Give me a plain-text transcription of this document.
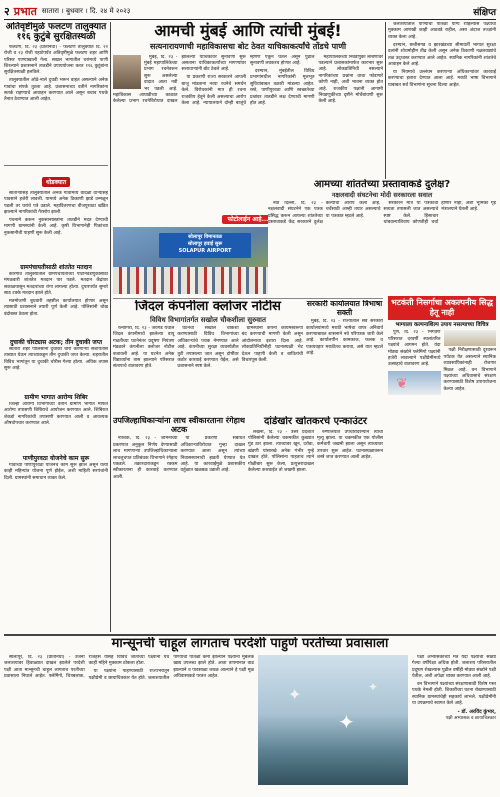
२ प्रभात सातारा । बुधवार । दि. २४ मे २०२३	संक्षिप्त
अतिवृष्टीमुळे फलटण तालुक्यात ११६ कुटुंबे सुरक्षितस्थळी

फलटण, दि. २३ (प्रतिनिधी) - फलटण तालुक्यात दि. २२ रोजी व २३ रोजी पहाटेपर्यंत अतिवृष्टीमुळे फलटण शहर आणि परिसर पाण्याखाली गेला. सखल भागातील घरांमध्ये पाणी शिरल्याने प्रशासनाने तातडीने उपाययोजना करत ११६ कुटुंबांना सुरक्षितस्थळी हलविले.

तालुक्यातील ओढे-नाले दुथडी भरून वाहत असल्याने अनेक गावांचा संपर्क तुटला आहे. प्रशासनाच्या वतीने नागरिकांना सतर्क राहण्याचे आवाहन करण्यात आले असून बचाव पथके तैनात ठेवण्यात आली आहेत.

थोडक्यात

साताऱ्यासह तालुक्यातील अनेक गावांमध्ये वादळी वाऱ्यासह पावसाने हजेरी लावली. यामध्ये अनेक ठिकाणी झाडे उन्मळून पडली तर घरांचे पत्रे उडाले. महावितरणचा वीजपुरवठा खंडित झाल्याने नागरिकांची गैरसोय झाली.

पंचनामे करून नुकसानग्रस्तांना तातडीने मदत देण्याची मागणी ग्रामस्थांनी केली आहे. कृषी विभागानेही पिकांच्या नुकसानीची पाहणी सुरू केली आहे.

ग्रामपंचायतीसाठी शांततेत मतदान

कोरेगाव तालुक्यातील ग्रामपंचायतींच्या पोटनिवडणुकीसाठी मंगळवारी शांततेत मतदान पार पडले. मतदान केंद्रांवर सकाळपासून मतदारांच्या रांगा लागल्या होत्या. दुपारपर्यंत सुमारे साठ टक्के मतदान झाले होते.

मतमोजणी बुधवारी तहसील कार्यालयात होणार असून त्यासाठी प्रशासनाने तयारी पूर्ण केली आहे. पोलिसांनी चोख बंदोबस्त ठेवला होता.

दुचाकी चोरट्यास अटक; तीन दुचाकी जप्त

सातारा शहर पोलिसांनी दुचाकी चोरी करणाऱ्या संशयितास ताब्यात घेऊन त्याच्याकडून तीन दुचाकी जप्त केल्या. शहरातील विविध भागांतून या दुचाकी चोरीस गेल्या होत्या. अधिक तपास सुरू आहे.

ग्रामीण भागात आरोग्य शिबिर

जिल्हा आरोग्य विभागाच्या वतीने ग्रामीण भागात मोफत आरोग्य तपासणी शिबिराचे आयोजन करण्यात आले. शिबिरात शेकडो नागरिकांची तपासणी करण्यात आली व आवश्यक औषधोपचार करण्यात आले.

पाणीपुरवठा योजनेचे काम सुरू

गावाच्या पाणीपुरवठा योजनेचे काम सुरू झाले असून येत्या काही महिन्यांत योजना पूर्ण होईल, अशी माहिती सरपंचांनी दिली. ग्रामस्थांनी समाधान व्यक्त केले.

आमची मुंबई आणि त्यांची मुंबई!
सत्यनारायणाची महाविकासचा बोट ठेवत याचिकाकर्त्यांचे तोंडचे पाणी

मुंबई, दि. २३ - मुंबई महापालिकेच्या प्रभाग रचनेवरून सुरू असलेल्या वादात आता नवी भर पडली आहे. महाविकास आघाडीच्या काळात केलेल्या प्रभाग रचनेविरोधात दाखल झालेल्या याचिकांवर सुनावणी सुरू असताना याचिकाकर्त्यांच्या मागण्यांवर सत्ताधाऱ्यांनी बोट ठेवले आहे.

या प्रकरणी राज्य सरकारने आपली बाजू मांडताना नव्या रचनेचे समर्थन केले. विरोधकांनी मात्र ही रचना राजकीय हेतूने केली असल्याचा आरोप केला आहे. न्यायालयाने दोन्ही बाजूंचे म्हणणे ऐकून घेतले असून पुढील सुनावणी लवकरच होणार आहे.

दरम्यान, मुंबईतील विविध प्रभागांमधील नागरिकांनी मूलभूत सुविधांबाबत तक्रारी मांडल्या आहेत. रस्ते, पाणीपुरवठा आणि स्वच्छतेच्या प्रश्नांवर तातडीने लक्ष देण्याची मागणी होत आहे.

महापालिकेच्या निवडणुका लांबणीवर पडल्याने प्रशासकांमार्फत कारभार सुरू आहे. लोकप्रतिनिधी नसल्याने नागरिकांच्या प्रश्नांना वाचा फोडणारे कोणी नाही, अशी भावना व्यक्त होत आहे. राजकीय पक्षांनी आगामी निवडणुकीच्या दृष्टीने मोर्चेबांधणी सुरू केली आहे.

फोटोलाईन आहे...
सोलापूर विमानतळ
सोलापूर हवाई सुरू
SOLAPUR AIRPORT

जलाशयातील पाण्याची पातळी योग्य राहिल्यास पक्ष्यांचा मुक्काम आणखी काही आठवडे राहील, असा अंदाज तज्ज्ञांनी व्यक्त केला आहे.

दरम्यान, छत्तीसगड व झारखंडच्या सीमावर्ती भागात सुरक्षा दलांनी शोधमोहीम तीव्र केली असून अनेक ठिकाणी नक्षलवाद्यांचे तळ उद्ध्वस्त करण्यात आले आहेत. स्थानिक नागरिकांनी शांततेचे आवाहन केले आहे.

या नियमाचे उल्लंघन करणाऱ्या अधिकाऱ्यांवर कारवाई करण्याचा इशारा देण्यात आला आहे. मराठी भाषा विभागाने याबाबत सर्व विभागांना सूचना दिल्या आहेत.

आमच्या शांततेच्या प्रस्तावाकडे दुर्लक्ष?
नक्षलवादी संघटनेचा मोदी सरकारला सवाल

नवी दिल्ली, दि. २३ - नक्षलवादी संघटनेने एक पत्रक प्रसिद्ध करून आपल्या शांततेच्या प्रस्तावाकडे केंद्र सरकारने दुर्लक्ष केल्याचा आरोप केला आहे. चर्चेसाठी आम्ही तयार असल्याचे या पत्रकात म्हटले आहे.

सरकारने मात्र या पत्रकाची सत्यता तपासली जात असल्याचे स्पष्ट केले. हिंसाचार थांबवल्याशिवाय कोणतीही चर्चा होणार नाही, अशी भूमिका गृह मंत्रालयाने घेतली आहे.

जिंदल कंपनीला क्लोजर नोटीस
विविध विभागांतर्गत सखोल चौकशीला सुरुवात

रत्नागिरी, दि. २३ - जयगड येथील जिंदल कंपनीमध्ये झालेल्या वायू गळतीच्या घटनेनंतर प्रदूषण नियंत्रण मंडळाने कंपनीला क्लोजर नोटीस बजावली आहे. या घटनेत अनेक विद्यार्थ्यांना त्रास झाल्याने परिसरात संतापाचे वातावरण होते.

घटनेची सखोल चौकशी करण्यासाठी विविध विभागांच्या अधिकाऱ्यांचे पथक नेमण्यात आले आहे. कंपनीच्या सुरक्षा व्यवस्थेतील त्रुटी तपासल्या जात असून दोषींवर कठोर कारवाई करण्यात येईल, असे प्रशासनाने स्पष्ट केले.

ग्रामस्थांनी कंपनी कायमस्वरूपी बंद करण्याची मागणी केली असून आंदोलनाचा इशारा दिला आहे. लोकप्रतिनिधींनीही घटनास्थळी भेट देऊन पाहणी केली व बाधितांची विचारपूस केली.

सरकारी कार्यालयात त्रिभाषा सक्ती

मुंबई, दि. २३ - राज्यातील सर्व सरकारी कार्यालयांमध्ये मराठी भाषेचा वापर अनिवार्य करण्याबाबत शासनाने नवे परिपत्रक जारी केले आहे. कार्यालयीन कामकाज, फलक व पत्रव्यवहार मराठीतच करावा, असे यात म्हटले आहे.

उपजिल्हाधिकाऱ्यांना लाच स्वीकारताना रंगेहाथ अटक

नाशिक, दि. २३ - जमिनीच्या प्रकरणात अनुकूल निर्णय देण्यासाठी लाच मागणाऱ्या उपजिल्हाधिकाऱ्याला लाचलुचपत प्रतिबंधक विभागाने रंगेहाथ पकडले. तक्रारदाराकडून रक्कम स्वीकारताना ही कारवाई करण्यात आली.

या प्रकरणी संबंधित अधिकाऱ्याविरोधात गुन्हा दाखल करण्यात आला असून त्यांच्या निवासस्थानाची झडती घेण्यात येत आहे. या कारवाईमुळे प्रशासकीय वर्तुळात खळबळ उडाली आहे.

दांडेखोर खोतकरचे एन्काउंटर

लखनौ, दि. २३ - उत्तर प्रदेशात पोलिसांनी केलेल्या चकमकीत कुख्यात गुंड ठार झाला. त्याच्यावर खून, दरोडा, खंडणी यांसारखे अनेक गंभीर गुन्हे दाखल होते. पोलिसांना पाहताच त्याने गोळीबार सुरू केला, प्रत्युत्तरादाखल केलेल्या कारवाईत तो जखमी झाला.

रुग्णालयात उपचारादरम्यान त्याचा मृत्यू झाला. या चकमकीत एक पोलीस कर्मचारी जखमी झाला असून त्याच्यावर उपचार सुरू आहेत. घटनास्थळावरून शस्त्रे जप्त करण्यात आली आहेत.

भटकंती निसर्गाचा अकल्पनीय सिद्ध हेतू नाही
भाग्याला कल्पनाशिल्प उपाय नसल्याच्या विचित्र

पुणे, दि. २३ - भिगवण परिसरात दरवर्षी स्थलांतरित पक्ष्यांचे आगमन होते. यंदा मोठ्या संख्येने फ्लेमिंगो पक्ष्यांनी हजेरी लावल्याने पक्षीप्रेमींमध्ये उत्साहाचे वातावरण आहे.

❦

पक्षी निरीक्षणासाठी दूरवरून पर्यटक येत असल्याने स्थानिक व्यावसायिकांनाही रोजगार मिळत आहे. वन विभागाने पक्ष्यांच्या अधिवासाचे संरक्षण करण्यासाठी विशेष उपाययोजना केल्या आहेत.

मान्सूनची चाहूल लागताच परदेशी पाहुणे परतीच्या प्रवासाला

सोलापूर, दि. २३ (प्रतिनिधी) - उजनी जलाशयावर हिवाळ्यात दाखल झालेले परदेशी पक्षी आता मान्सूनची चाहूल लागताच परतीच्या प्रवासाला निघाले आहेत. फ्लेमिंगो, चित्रबलाक, राजहंस यांसह विविध जातींच्या पक्ष्यांनी येथे काही महिने मुक्काम ठोकला होता.

या पक्ष्यांना पाहण्यासाठी राज्यभरातून पक्षीप्रेमी व छायाचित्रकार येत होते. जलाशयातील पाण्याची पातळी कमी झाल्याने पक्ष्यांना मुबलक खाद्य उपलब्ध झाले होते. आता तापमानात वाढ झाल्याने व पावसाळा जवळ आल्याने हे पक्षी मूळ अधिवासाकडे परतत आहेत.

✦
✦
✦

पक्षी अभ्यासकांच्या मते यंदा पक्ष्यांची संख्या गेल्या वर्षीपेक्षा अधिक होती. जलाशय परिसरातील प्रदूषण रोखल्यास पुढील वर्षीही मोठ्या संख्येने पक्षी येतील, अशी अपेक्षा व्यक्त करण्यात आली आहे.

वन विभागाने पक्ष्यांच्या संरक्षणासाठी विशेष गस्त पथके नेमली होती. शिकारीच्या घटना रोखण्यासाठी स्थानिक ग्रामस्थांचेही सहकार्य लाभले. पक्षीप्रेमींनी या उपक्रमाचे स्वागत केले आहे.

- डॉ. अरविंद कुंभार,
पक्षी अभ्यासक व छायाचित्रकार
